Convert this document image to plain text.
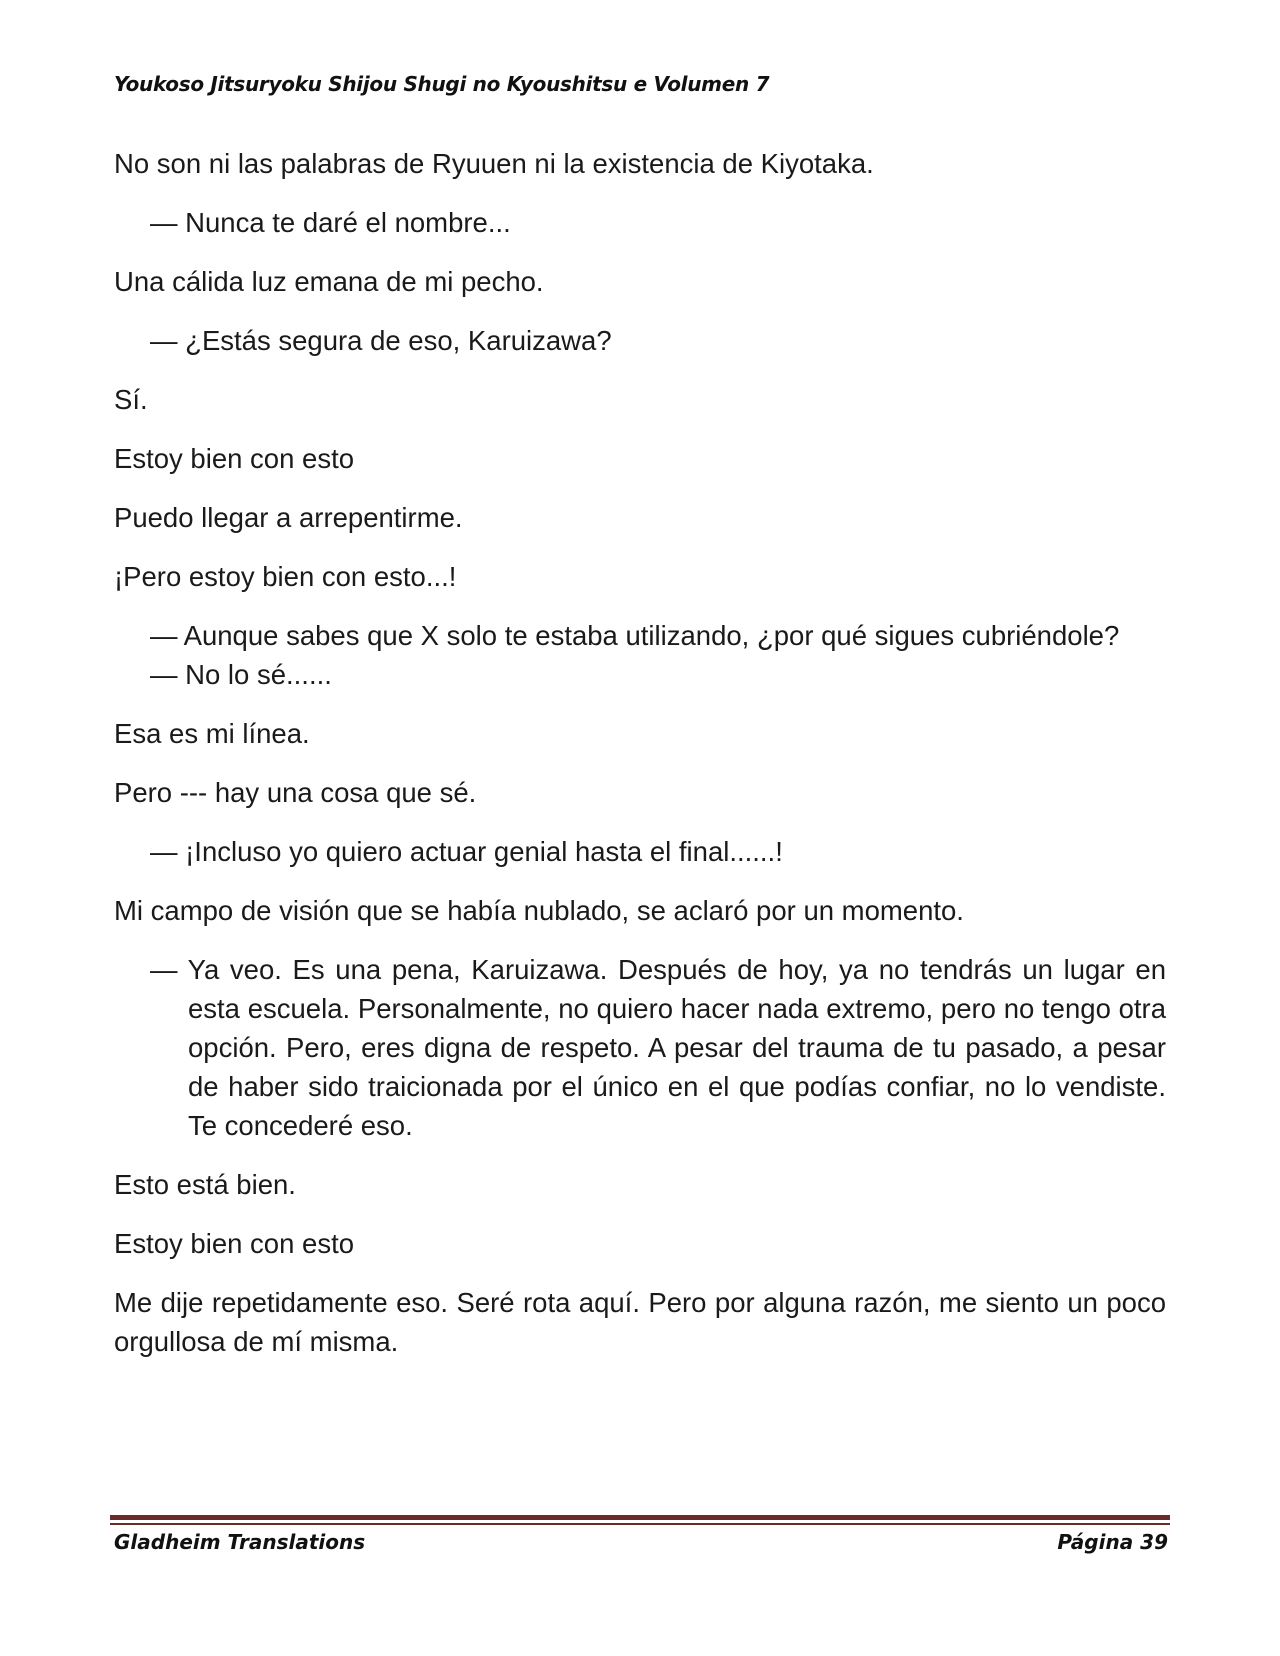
Youkoso Jitsuryoku Shijou Shugi no Kyoushitsu e Volumen 7

No son ni las palabras de Ryuuen ni la existencia de Kiyotaka.

— Nunca te daré el nombre...

Una cálida luz emana de mi pecho.

— ¿Estás segura de eso, Karuizawa?

Sí.

Estoy bien con esto

Puedo llegar a arrepentirme.

¡Pero estoy bien con esto...!

— Aunque sabes que X solo te estaba utilizando, ¿por qué sigues cubriéndole?

— No lo sé......

Esa es mi línea.

Pero --- hay una cosa que sé.

— ¡Incluso yo quiero actuar genial hasta el final......!

Mi campo de visión que se había nublado, se aclaró por un momento.

— Ya veo. Es una pena, Karuizawa. Después de hoy, ya no tendrás un lugar en esta escuela. Personalmente, no quiero hacer nada extremo, pero no tengo otra opción. Pero, eres digna de respeto. A pesar del trauma de tu pasado, a pesar de haber sido traicionada por el único en el que podías confiar, no lo vendiste. Te concederé eso.

Esto está bien.

Estoy bien con esto

Me dije repetidamente eso. Seré rota aquí. Pero por alguna razón, me siento un poco orgullosa de mí misma.

Gladheim Translations	Página 39
